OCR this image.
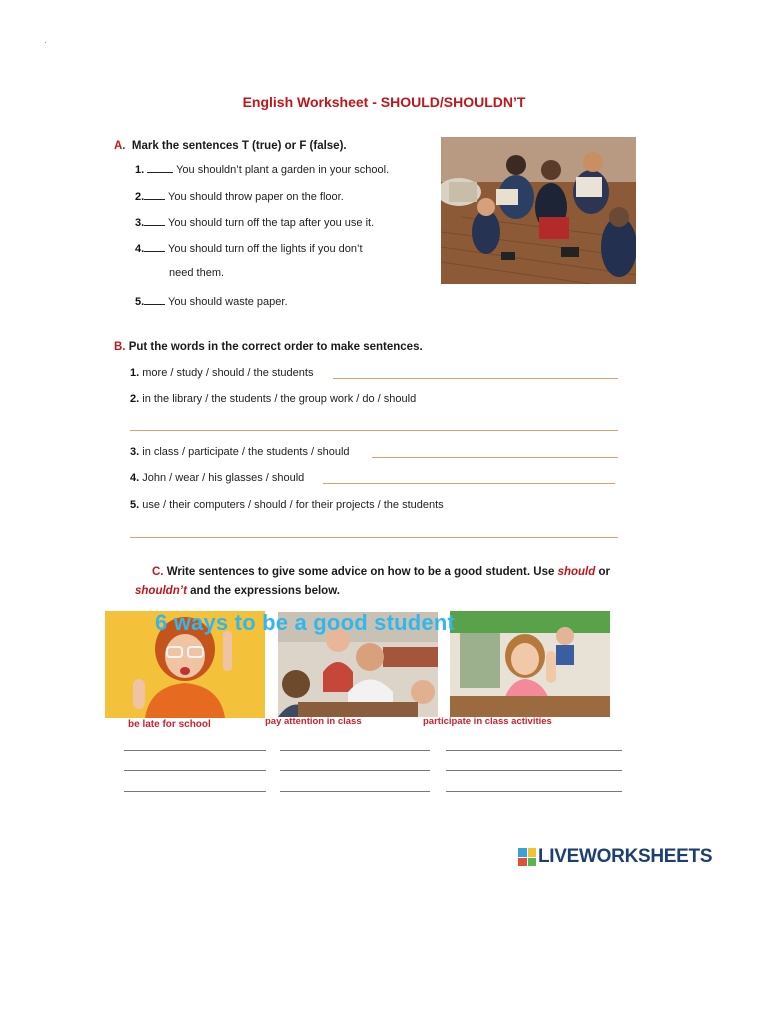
English Worksheet - SHOULD/SHOULDN’T
A. Mark the sentences T (true) or F (false).
1.	You shouldn’t plant a garden in your school.
2. You should throw paper on the floor.
3. You should turn off the tap after you use it.
4. You should turn off the lights if you don’t
need them.
5. You should waste paper.
B. Put the words in the correct order to make sentences.
1. more / study / should / the students
2. in the library / the students / the group work / do / should
3. in class / participate / the students / should
4. John / wear / his glasses / should
5. use / their computers / should / for their projects / the students
C. Write sentences to give some advice on how to be a good student. Use should or
shouldn’t and the expressions below.
6 ways to be a good student
be late for school	pay attention in class	participate in class activities
LIVEWORKSHEETS
